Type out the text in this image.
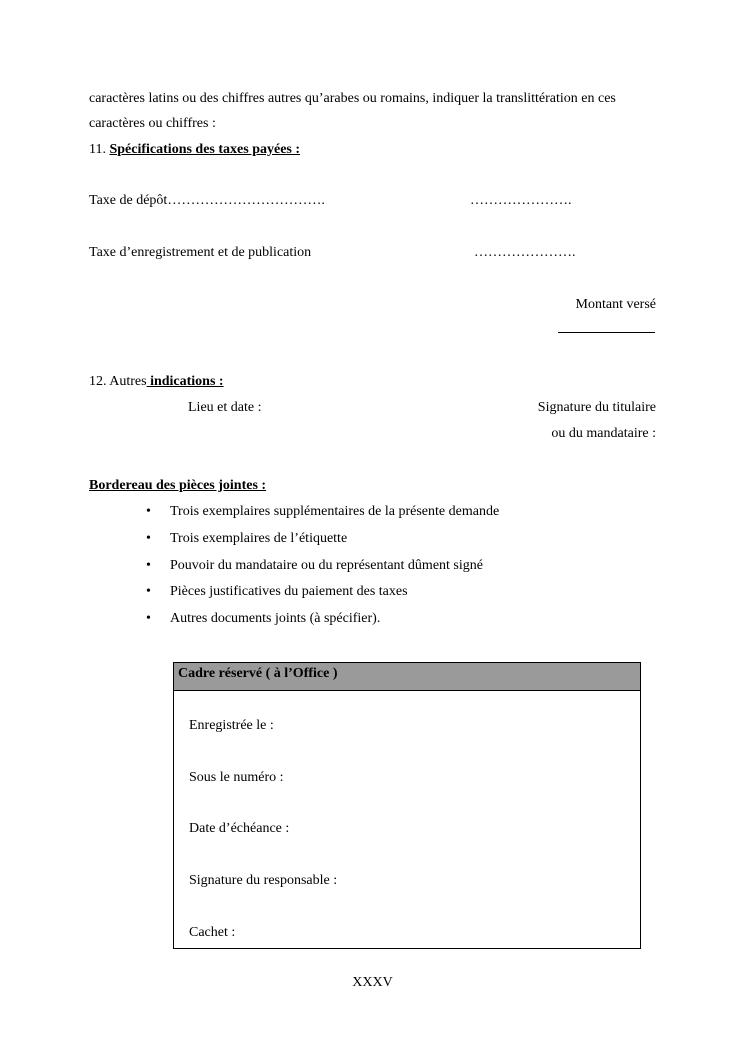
caractères latins ou des chiffres autres qu’arabes ou romains, indiquer la translittération en ces
caractères ou chiffres :
11. Spécifications des taxes payées :
Taxe de dépôt…………………………….	………………….
Taxe d’enregistrement et de publication	………………….
Montant versé
12. Autres indications :
Lieu et date :	Signature du titulaire
ou du mandataire :
Bordereau des pièces jointes :
• Trois exemplaires supplémentaires de la présente demande
• Trois exemplaires de l’étiquette
• Pouvoir du mandataire ou du représentant dûment signé
• Pièces justificatives du paiement des taxes
• Autres documents joints (à spécifier).
Cadre réservé ( à l’Office )
Enregistrée le :
Sous le numéro :
Date d’échéance :
Signature du responsable :
Cachet :
XXXV
